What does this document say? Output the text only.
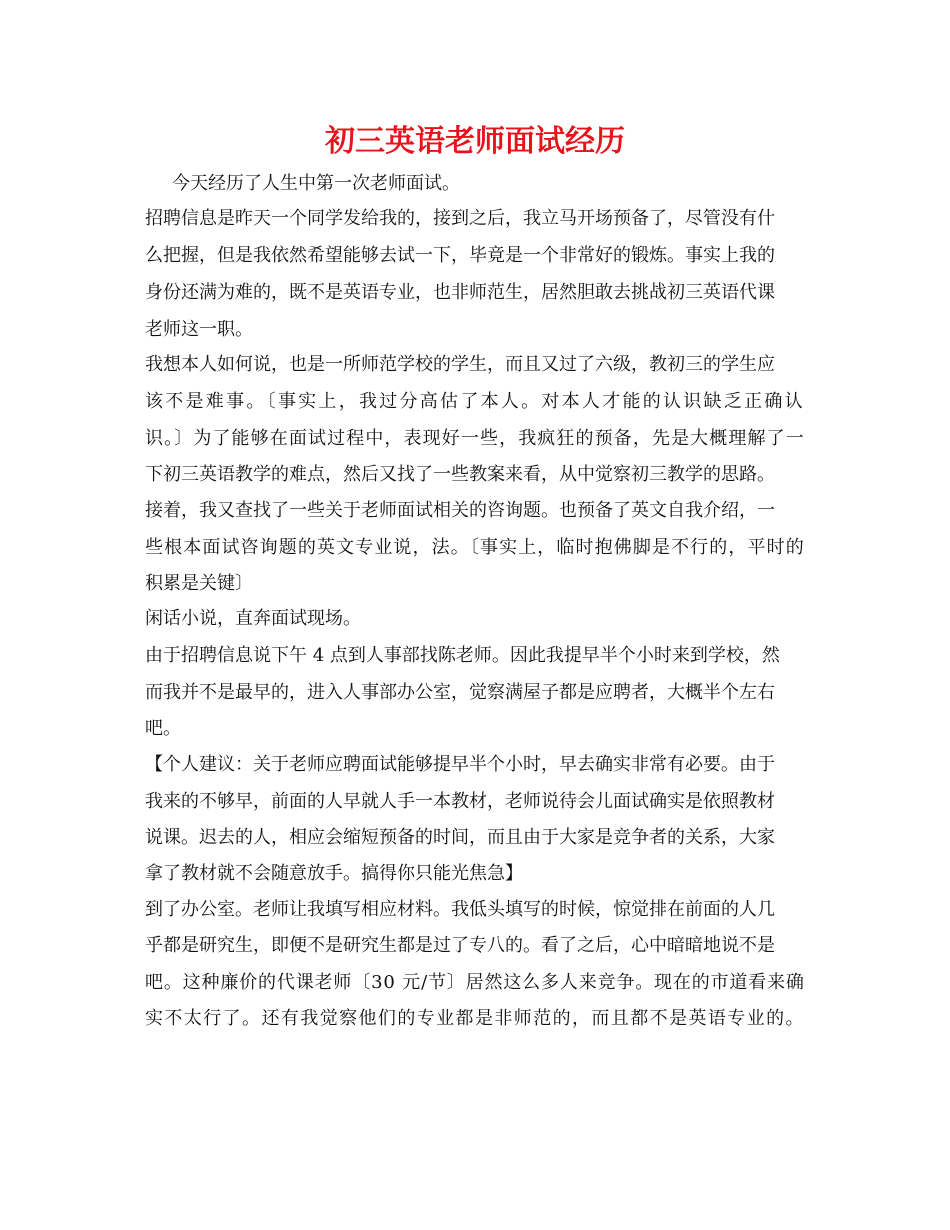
初三英语老师面试经历

今天经历了人生中第一次老师面试。

招聘信息是昨天一个同学发给我的，接到之后，我立马开场预备了，尽管没有什

么把握，但是我依然希望能够去试一下，毕竟是一个非常好的锻炼。事实上我的

身份还满为难的，既不是英语专业，也非师范生，居然胆敢去挑战初三英语代课

老师这一职。

我想本人如何说，也是一所师范学校的学生，而且又过了六级，教初三的学生应

该不是难事。〔事实上，我过分高估了本人。对本人才能的认识缺乏正确认

识。〕为了能够在面试过程中，表现好一些，我疯狂的预备，先是大概理解了一

下初三英语教学的难点，然后又找了一些教案来看，从中觉察初三教学的思路。

接着，我又查找了一些关于老师面试相关的咨询题。也预备了英文自我介绍，一

些根本面试咨询题的英文专业说，法。〔事实上，临时抱佛脚是不行的，平时的

积累是关键〕

闲话小说，直奔面试现场。

由于招聘信息说下午 4 点到人事部找陈老师。因此我提早半个小时来到学校，然

而我并不是最早的，进入人事部办公室，觉察满屋子都是应聘者，大概半个左右

吧。

【个人建议：关于老师应聘面试能够提早半个小时，早去确实非常有必要。由于

我来的不够早，前面的人早就人手一本教材，老师说待会儿面试确实是依照教材

说课。迟去的人，相应会缩短预备的时间，而且由于大家是竞争者的关系，大家

拿了教材就不会随意放手。搞得你只能光焦急】

到了办公室。老师让我填写相应材料。我低头填写的时候，惊觉排在前面的人几

乎都是研究生，即便不是研究生都是过了专八的。看了之后，心中暗暗地说不是

吧。这种廉价的代课老师〔30 元/节〕居然这么多人来竞争。现在的市道看来确

实不太行了。还有我觉察他们的专业都是非师范的，而且都不是英语专业的。
